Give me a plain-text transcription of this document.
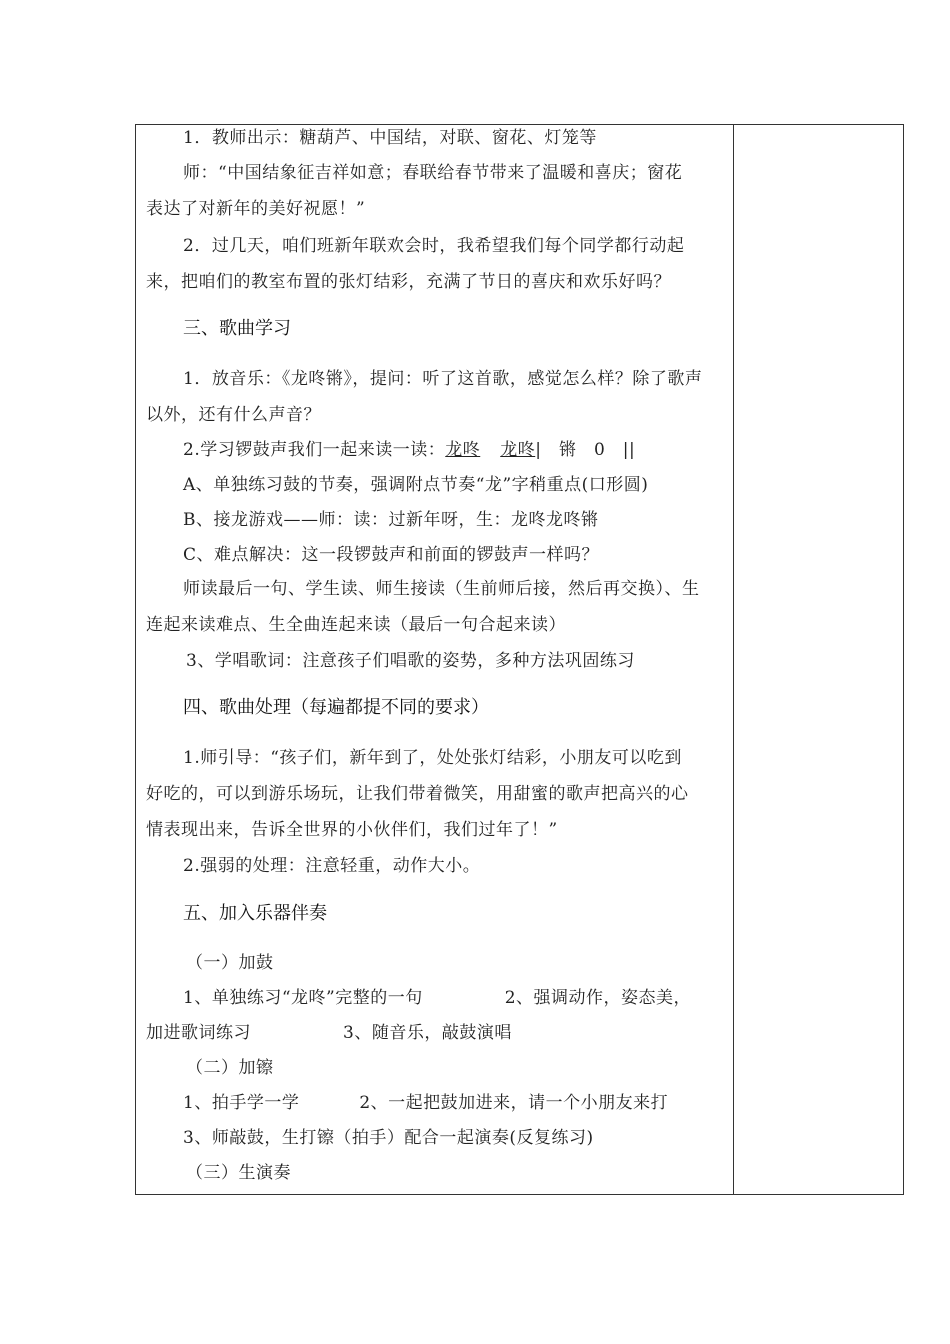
1．教师出示：糖葫芦、中国结，对联、窗花、灯笼等
师：“中国结象征吉祥如意；春联给春节带来了温暖和喜庆；窗花
表达了对新年的美好祝愿！”
2．过几天，咱们班新年联欢会时，我希望我们每个同学都行动起
来，把咱们的教室布置的张灯结彩，充满了节日的喜庆和欢乐好吗？
三、歌曲学习
1．放音乐：《龙咚锵》，提问：听了这首歌，感觉怎么样？除了歌声
以外，还有什么声音？
2.学习锣鼓声我们一起来读一读：龙咚 龙咚|　锵　0　||
A、单独练习鼓的节奏，强调附点节奏“龙”字稍重点(口形圆)
B、接龙游戏——师：读：过新年呀，生：龙咚龙咚锵
C、难点解决：这一段锣鼓声和前面的锣鼓声一样吗？
师读最后一句、学生读、师生接读（生前师后接，然后再交换）、生
连起来读难点、生全曲连起来读（最后一句合起来读）
3、学唱歌词：注意孩子们唱歌的姿势，多种方法巩固练习
四、歌曲处理（每遍都提不同的要求）
1.师引导：“孩子们，新年到了，处处张灯结彩，小朋友可以吃到
好吃的，可以到游乐场玩，让我们带着微笑，用甜蜜的歌声把高兴的心
情表现出来，告诉全世界的小伙伴们，我们过年了！”
2.强弱的处理：注意轻重，动作大小。
五、加入乐器伴奏
（一）加鼓
1、单独练习“龙咚”完整的一句	2、强调动作，姿态美，
加进歌词练习	3、随音乐，敲鼓演唱
（二）加镲
1、拍手学一学	2、一起把鼓加进来，请一个小朋友来打
3、师敲鼓，生打镲（拍手）配合一起演奏(反复练习)
（三）生演奏
